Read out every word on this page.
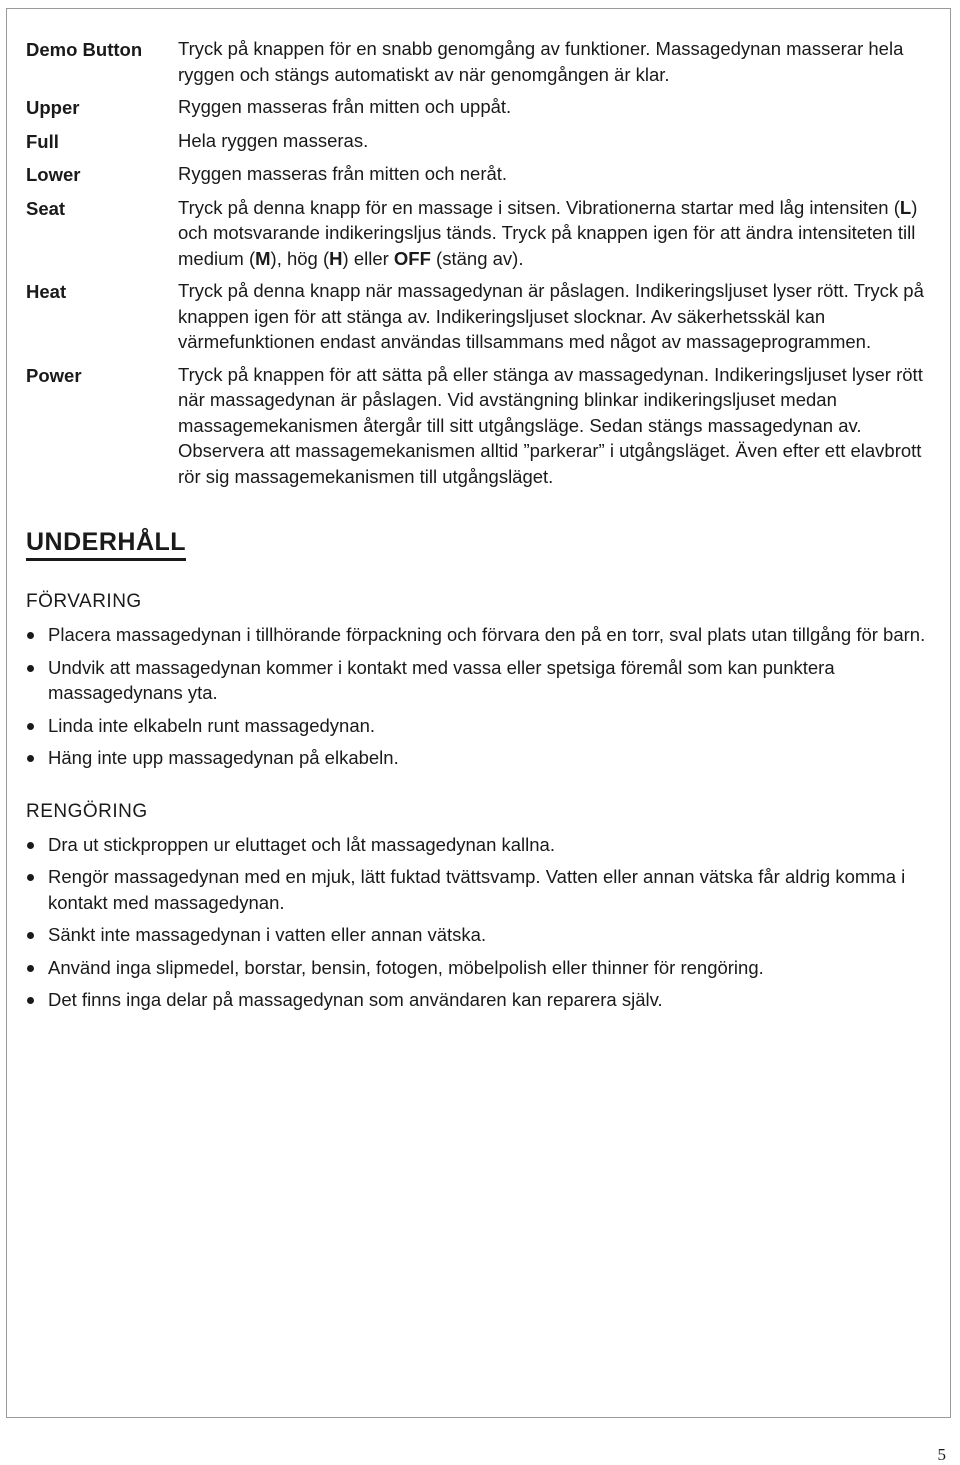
Demo Button	Tryck på knappen för en snabb genomgång av funktioner. Massagedynan masserar hela ryggen och stängs automatiskt av när genomgången är klar.
Upper	Ryggen masseras från mitten och uppåt.
Full	Hela ryggen masseras.
Lower	Ryggen masseras från mitten och neråt.
Seat	Tryck på denna knapp för en massage i sitsen. Vibrationerna startar med låg intensiten (L) och motsvarande indikeringsljus tänds. Tryck på knappen igen för att ändra intensiteten till medium (M), hög (H) eller OFF (stäng av).
Heat	Tryck på denna knapp när massagedynan är påslagen. Indikeringsljuset lyser rött. Tryck på knappen igen för att stänga av. Indikeringsljuset slocknar. Av säkerhetsskäl kan värmefunktionen endast användas tillsammans med något av massageprogrammen.
Power	Tryck på knappen för att sätta på eller stänga av massagedynan. Indikeringsljuset lyser rött när massagedynan är påslagen. Vid avstängning blinkar indikeringsljuset medan massagemekanismen återgår till sitt utgångsläge. Sedan stängs massagedynan av. Observera att massagemekanismen alltid ”parkerar” i utgångsläget. Även efter ett elavbrott rör sig massagemekanismen till utgångsläget.
UNDERHÅLL
FÖRVARING
Placera massagedynan i tillhörande förpackning och förvara den på en torr, sval plats utan tillgång för barn.
Undvik att massagedynan kommer i kontakt med vassa eller spetsiga föremål som kan punktera massagedynans yta.
Linda inte elkabeln runt massagedynan.
Häng inte upp massagedynan på elkabeln.
RENGÖRING
Dra ut stickproppen ur eluttaget och låt massagedynan kallna.
Rengör massagedynan med en mjuk, lätt fuktad tvättsvamp. Vatten eller annan vätska får aldrig komma i kontakt med massagedynan.
Sänkt inte massagedynan i vatten eller annan vätska.
Använd inga slipmedel, borstar, bensin, fotogen, möbelpolish eller thinner för rengöring.
Det finns inga delar på massagedynan som användaren kan reparera själv.
5
